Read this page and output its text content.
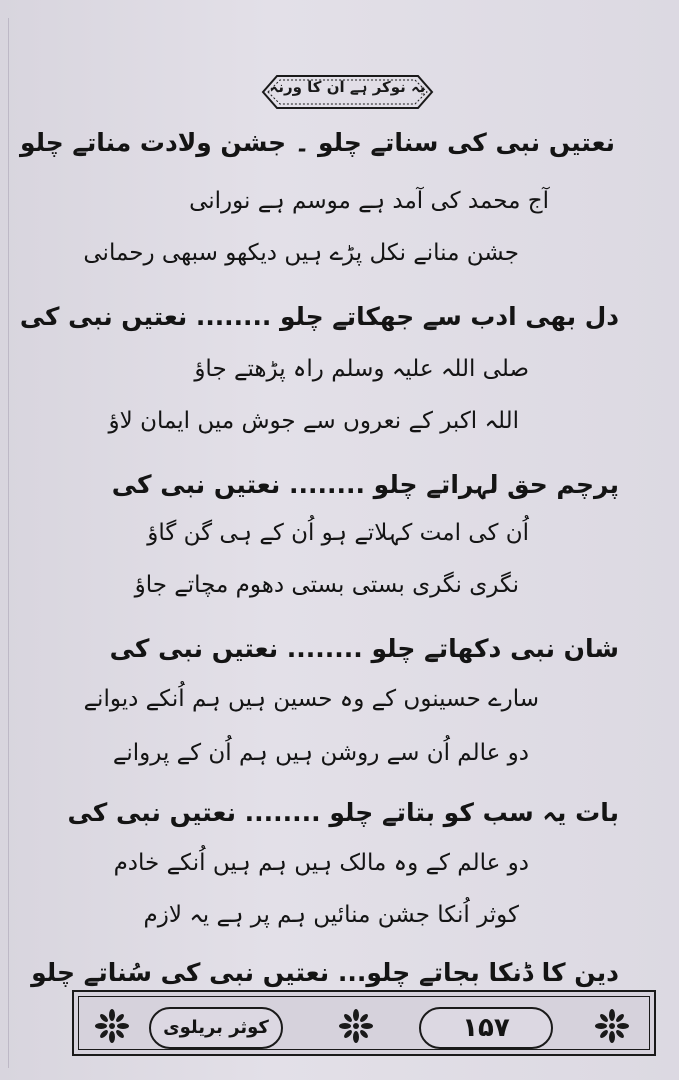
یہ نوکر ہے ان کا ورنہ
نعتیں نبی کی سناتے چلو ۔ جشن ولادت مناتے چلو
آج محمد کی آمد ہے موسم ہے نورانی
جشن منانے نکل پڑے ہیں دیکھو سبھی رحمانی
دل بھی ادب سے جھکاتے چلو ........ نعتیں نبی کی
صلی اللہ علیہ وسلم راہ پڑھتے جاؤ
اللہ اکبر کے نعروں سے جوش میں ایمان لاؤ
پرچم حق لہراتے چلو ........ نعتیں نبی کی
اُن کی امت کہلاتے ہو اُن کے ہی گن گاؤ
نگری نگری بستی بستی دھوم مچاتے جاؤ
شان نبی دکھاتے چلو ........ نعتیں نبی کی
سارے حسینوں کے وہ حسین ہیں ہم اُنکے دیوانے
دو عالم اُن سے روشن ہیں ہم اُن کے پروانے
بات یہ سب کو بتاتے چلو ........ نعتیں نبی کی
دو عالم کے وہ مالک ہیں ہم ہیں اُنکے خادم
کوثر اُنکا جشن منائیں ہم پر ہے یہ لازم
دین کا ڈنکا بجاتے چلو... نعتیں نبی کی سُناتے چلو
کوثر بریلوی	۱۵۷
